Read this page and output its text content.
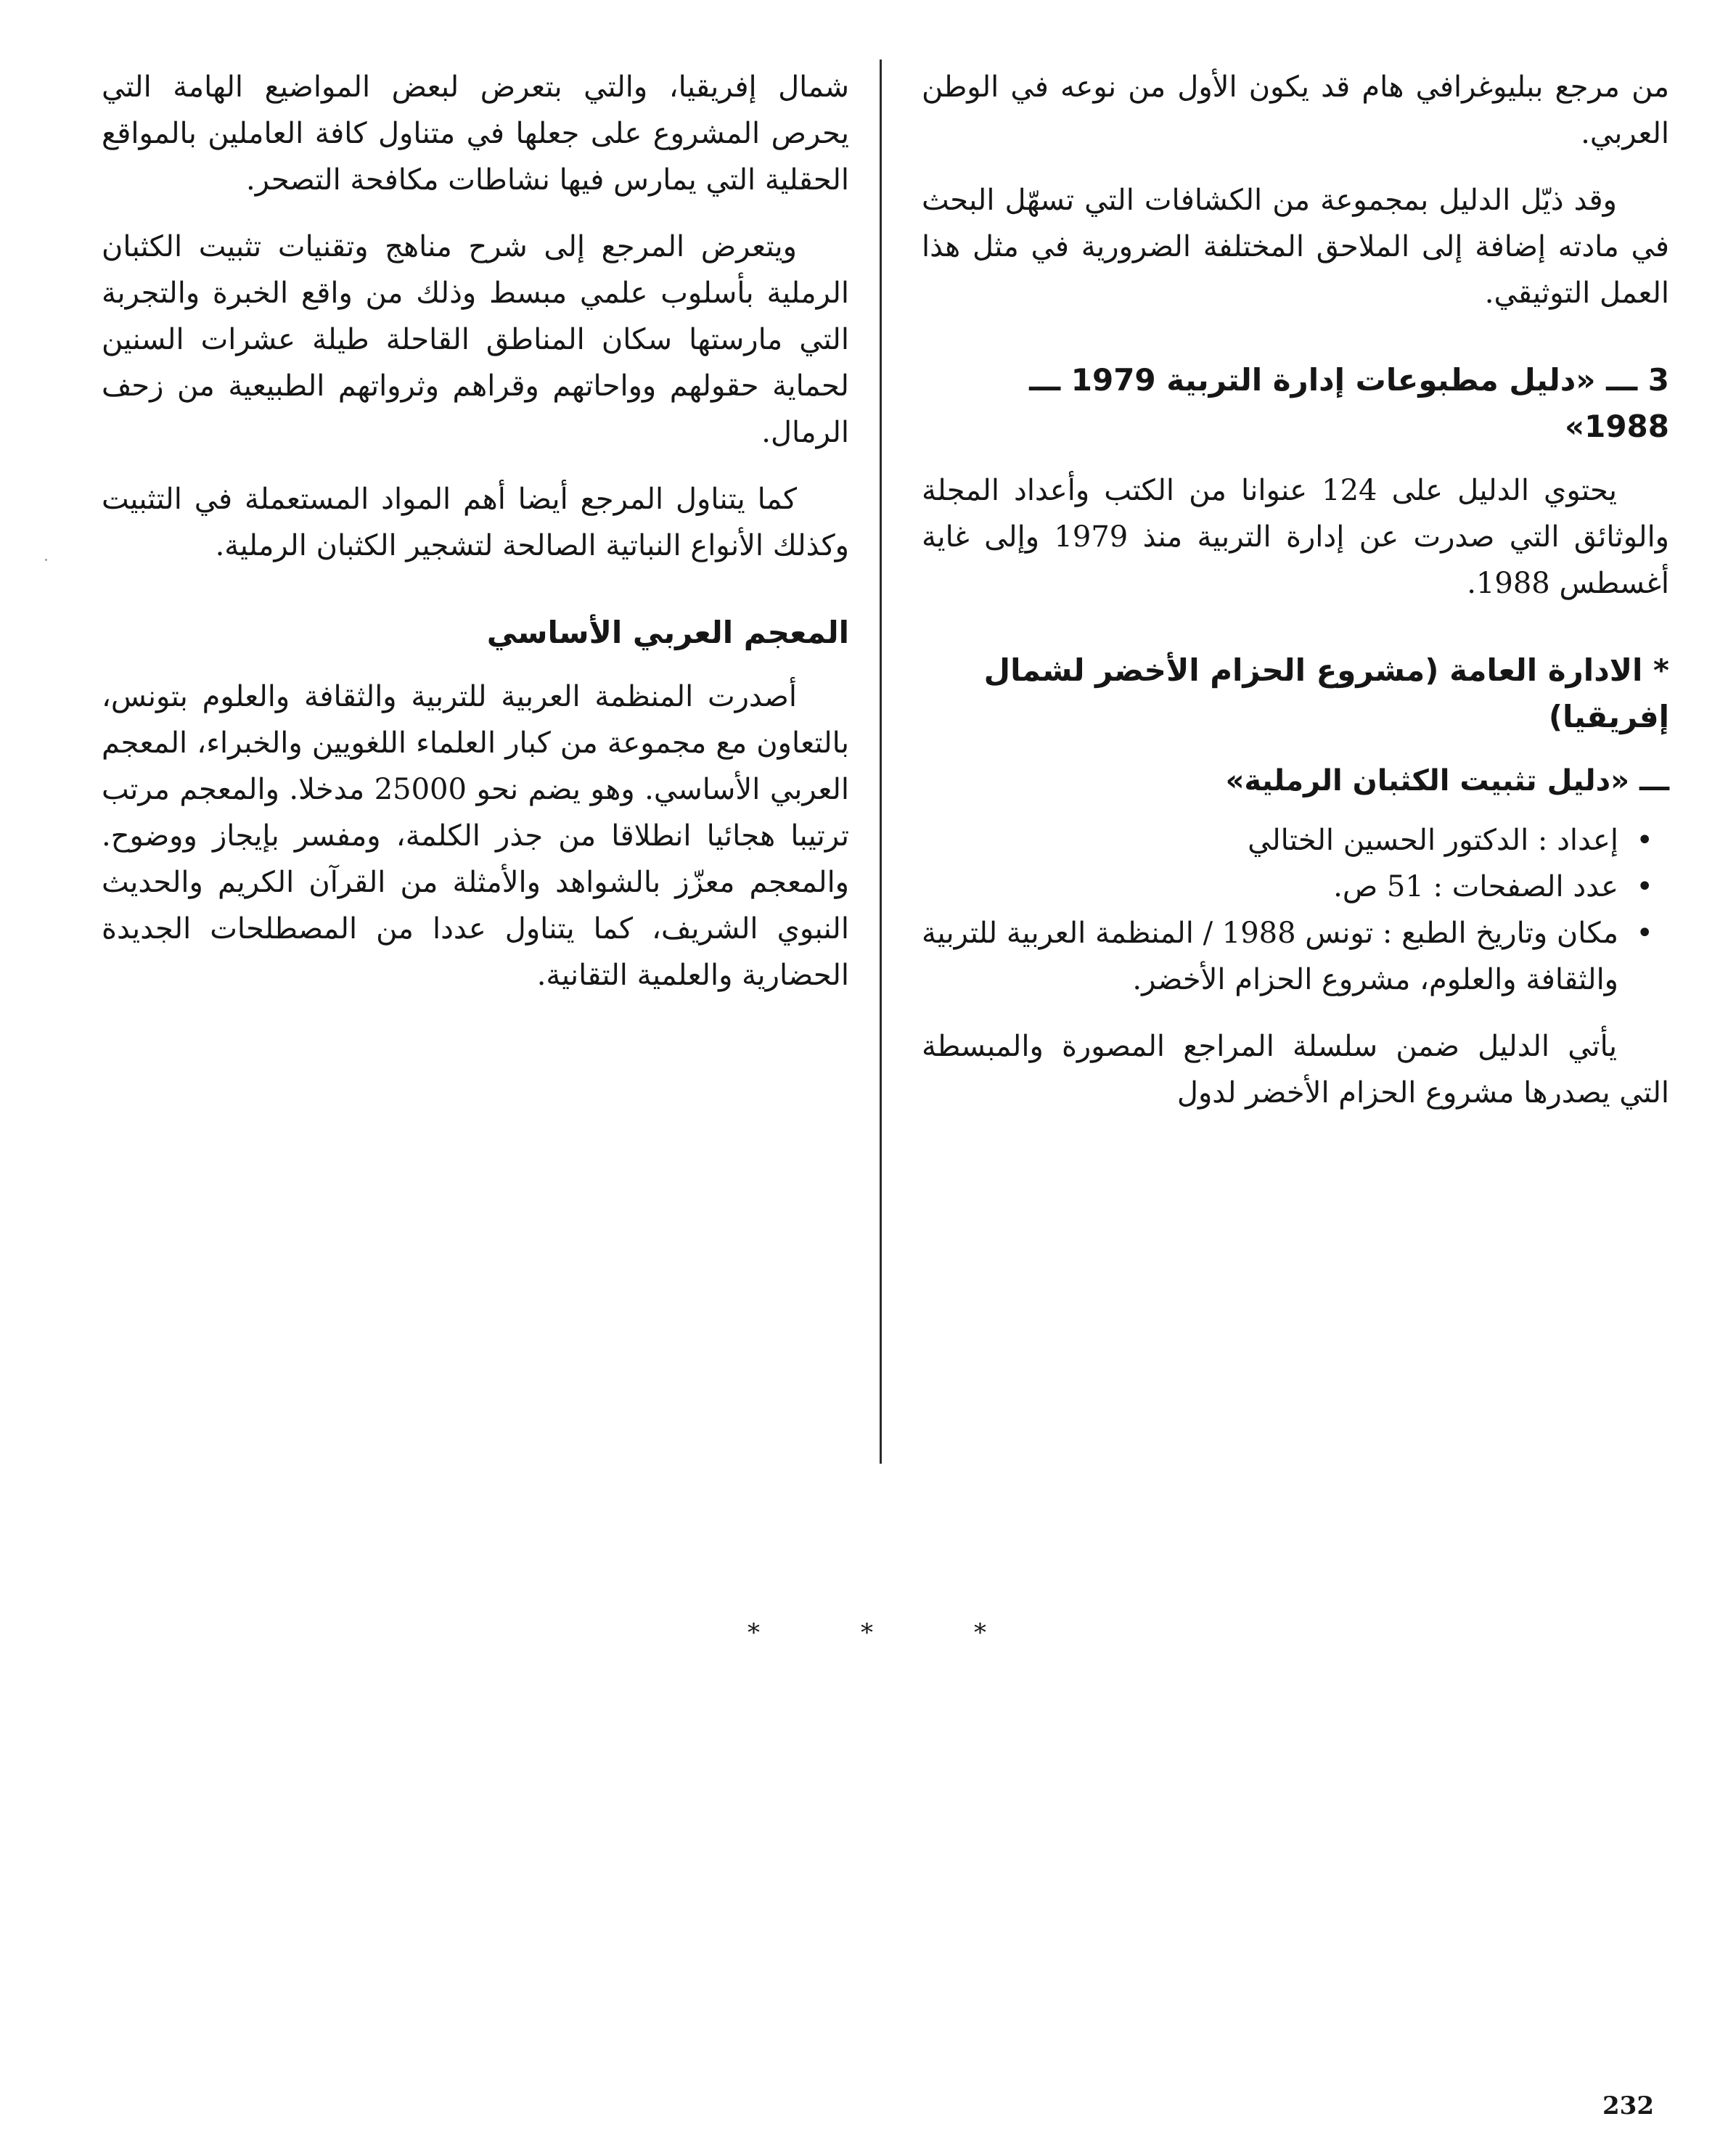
من مرجع ببليوغرافي هام قد يكون الأول من نوعه في الوطن العربي.

وقد ذيّل الدليل بمجموعة من الكشافات التي تسهّل البحث في مادته إضافة إلى الملاحق المختلفة الضرورية في مثل هذا العمل التوثيقي.

3 ـــ «دليل مطبوعات إدارة التربية 1979 ـــ 1988»

يحتوي الدليل على 124 عنوانا من الكتب وأعداد المجلة والوثائق التي صدرت عن إدارة التربية منذ 1979 وإلى غاية أغسطس 1988.

* الادارة العامة (مشروع الحزام الأخضر لشمال إفريقيا)
ـــ «دليل تثبيت الكثبان الرملية»
•
إعداد : الدكتور الحسين الختالي
•
عدد الصفحات : 51 ص.
•
مكان وتاريخ الطبع : تونس 1988 / المنظمة العربية للتربية والثقافة والعلوم، مشروع الحزام الأخضر.

يأتي الدليل ضمن سلسلة المراجع المصورة والمبسطة التي يصدرها مشروع الحزام الأخضر لدول

شمال إفريقيا، والتي بتعرض لبعض المواضيع الهامة التي يحرص المشروع على جعلها في متناول كافة العاملين بالمواقع الحقلية التي يمارس فيها نشاطات مكافحة التصحر.

ويتعرض المرجع إلى شرح مناهج وتقنيات تثبيت الكثبان الرملية بأسلوب علمي مبسط وذلك من واقع الخبرة والتجربة التي مارستها سكان المناطق القاحلة طيلة عشرات السنين لحماية حقولهم وواحاتهم وقراهم وثرواتهم الطبيعية من زحف الرمال.

كما يتناول المرجع أيضا أهم المواد المستعملة في التثبيت وكذلك الأنواع النباتية الصالحة لتشجير الكثبان الرملية.

المعجم العربي الأساسي

أصدرت المنظمة العربية للتربية والثقافة والعلوم بتونس، بالتعاون مع مجموعة من كبار العلماء اللغويين والخبراء، المعجم العربي الأساسي. وهو يضم نحو 25000 مدخلا. والمعجم مرتب ترتيبا هجائيا انطلاقا من جذر الكلمة، ومفسر بإيجاز ووضوح. والمعجم معزّز بالشواهد والأمثلة من القرآن الكريم والحديث النبوي الشريف، كما يتناول عددا من المصطلحات الجديدة الحضارية والعلمية التقانية.

*	*	*
232
